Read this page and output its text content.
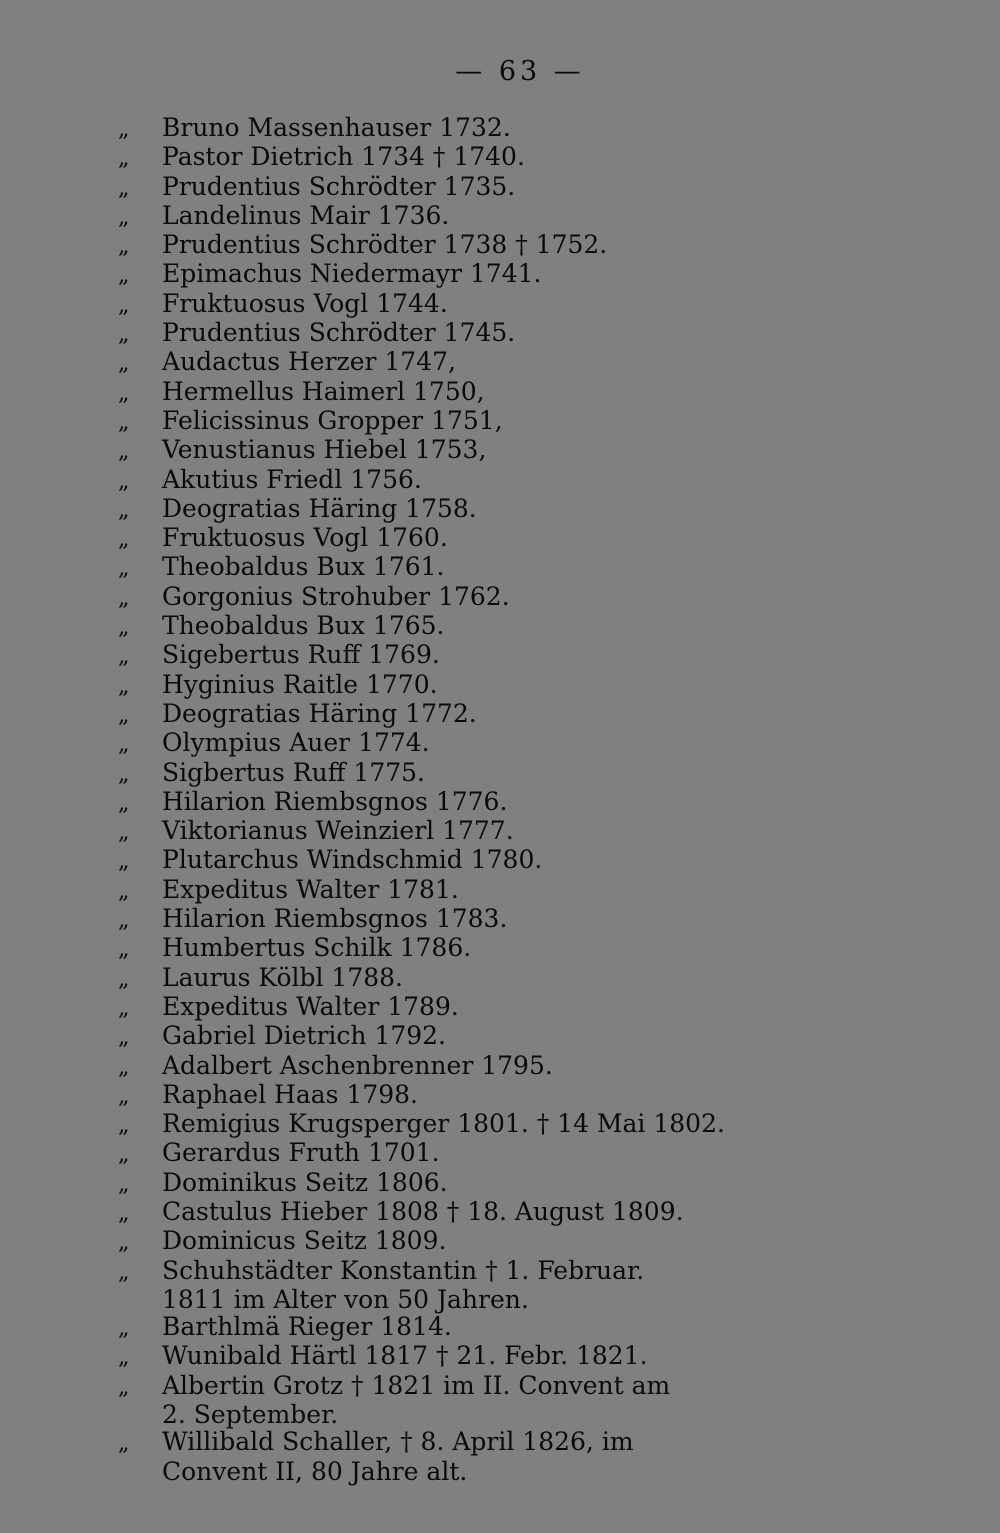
— 63 —
„ Bruno Massenhauser 1732.
„ Pastor Dietrich 1734 † 1740.
„ Prudentius Schrödter 1735.
„ Landelinus Mair 1736.
„ Prudentius Schrödter 1738 † 1752.
„ Epimachus Niedermayr 1741.
„ Fruktuosus Vogl 1744.
„ Prudentius Schrödter 1745.
„ Audactus Herzer 1747,
„ Hermellus Haimerl 1750,
„ Felicissinus Gropper 1751,
„ Venustianus Hiebel 1753,
„ Akutius Friedl 1756.
„ Deogratias Häring 1758.
„ Fruktuosus Vogl 1760.
„ Theobaldus Bux 1761.
„ Gorgonius Strohuber 1762.
„ Theobaldus Bux 1765.
„ Sigebertus Ruff 1769.
„ Hyginius Raitle 1770.
„ Deogratias Häring 1772.
„ Olympius Auer 1774.
„ Sigbertus Ruff 1775.
„ Hilarion Riembsgnos 1776.
„ Viktorianus Weinzierl 1777.
„ Plutarchus Windschmid 1780.
„ Expeditus Walter 1781.
„ Hilarion Riembsgnos 1783.
„ Humbertus Schilk 1786.
„ Laurus Kölbl 1788.
„ Expeditus Walter 1789.
„ Gabriel Dietrich 1792.
„ Adalbert Aschenbrenner 1795.
„ Raphael Haas 1798.
„ Remigius Krugsperger 1801. † 14 Mai 1802.
„ Gerardus Fruth 1701.
„ Dominikus Seitz 1806.
„ Castulus Hieber 1808 † 18. August 1809.
„ Dominicus Seitz 1809.
„ Schuhstädter Konstantin † 1. Februar.
1811 im Alter von 50 Jahren.
„ Barthlmä Rieger 1814.
„ Wunibald Härtl 1817 † 21. Febr. 1821.
„ Albertin Grotz † 1821 im II. Convent am
2. September.
„ Willibald Schaller, † 8. April 1826, im
Convent II, 80 Jahre alt.
